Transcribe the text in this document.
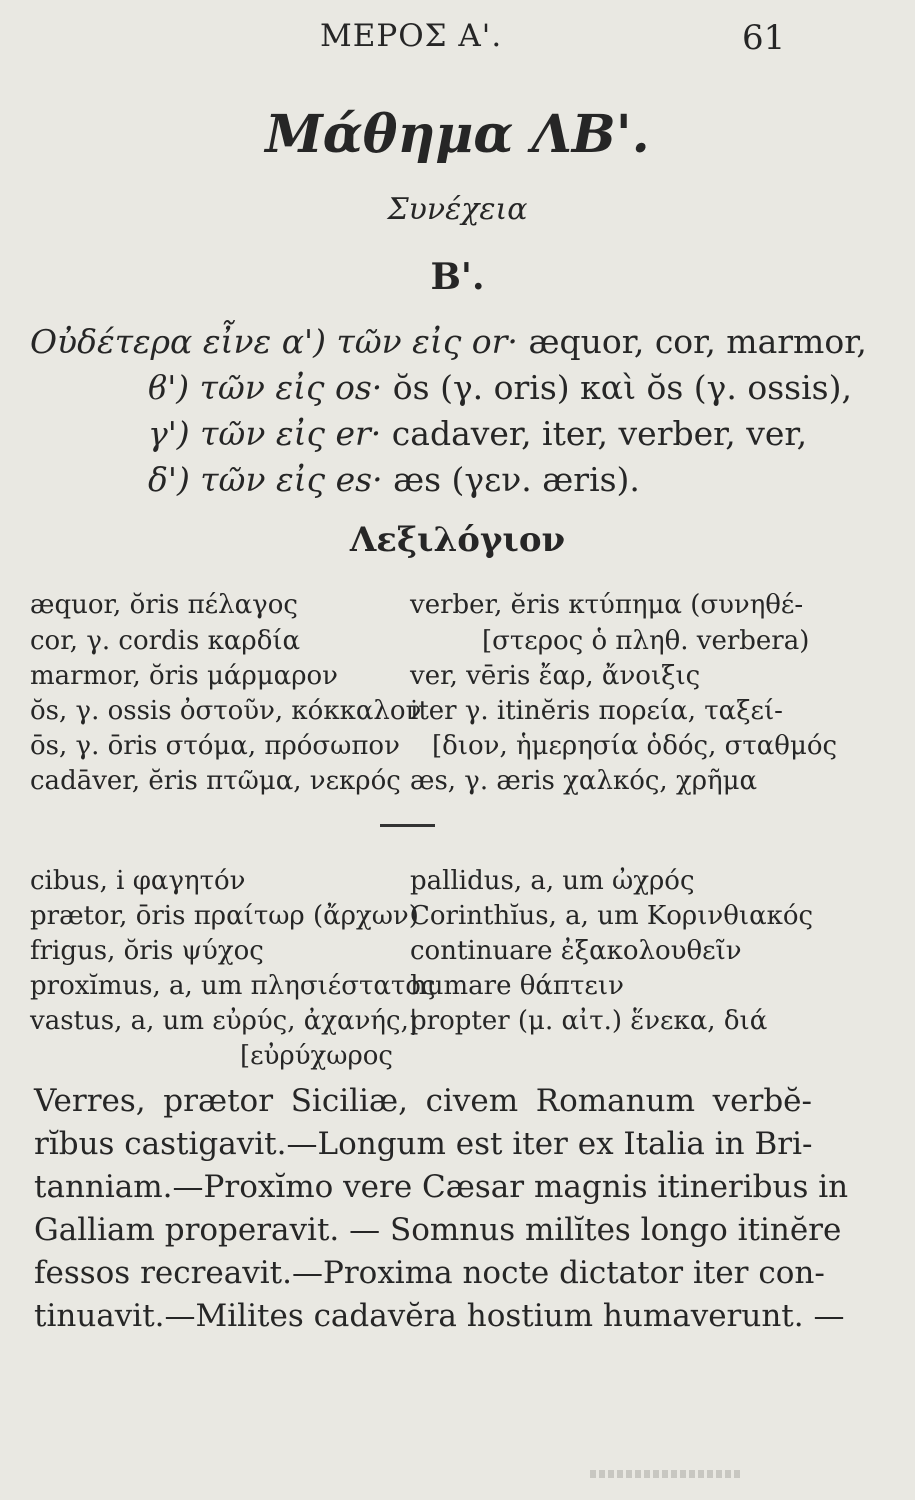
ΜΕΡΟΣ Α'.	61
Μάθημα ΛΒ'.
Συνέχεια
Β'.
Οὐδέτερα εἶνε α') τῶν εἰς or· æquor, cor, marmor,
ϐ') τῶν εἰς os· ŏs (γ. oris) καὶ ŏs (γ. ossis),
γ') τῶν εἰς er· cadaver, iter, verber, ver,
δ') τῶν εἰς es· æs (γεν. æris).
Λεξιλόγιον
æquor, ŏris πέλαγος
cor, γ. cordis καρδία
marmor, ŏris μάρμαρον
ŏs, γ. ossis ὀστοῦν, κόκκαλον
ōs, γ. ōris στόμα, πρόσωπον
cadāver, ĕris πτῶμα, νεκρός
verber, ĕris κτύπημα (συνηθέ-
[στερος ὁ πληθ. verbera)
ver, vēris ἔαρ, ἄνοιξις
iter γ. itinĕris πορεία, ταξεί-
[διον, ἡμερησία ὁδός, σταθμός
æs, γ. æris χαλκός, χρῆμα
cibus, i φαγητόν
prætor, ōris πραίτωρ (ἄρχων)
frigus, ŏris ψύχος
proxĭmus, a, um πλησιέστατος
vastus, a, um εὐρύς, ἀχανής,|
[εὐρύχωρος
pallidus, a, um ὠχρός
Corinthĭus, a, um Κορινθιακός
continuare ἐξακολουθεῖν
humare θάπτειν
propter (μ. αἰτ.) ἕνεκα, διά
Verres, prætor Siciliæ, civem Romanum verbĕ-
rĭbus castigavit.—Longum est iter ex Italia in Bri-
tanniam.—Proxĭmo vere Cæsar magnis itineribus in
Galliam properavit. — Somnus milĭtes longo itinĕre
fessos recreavit.—Proxima nocte dictator iter con-
tinuavit.—Milites cadavĕra hostium humaverunt. —
